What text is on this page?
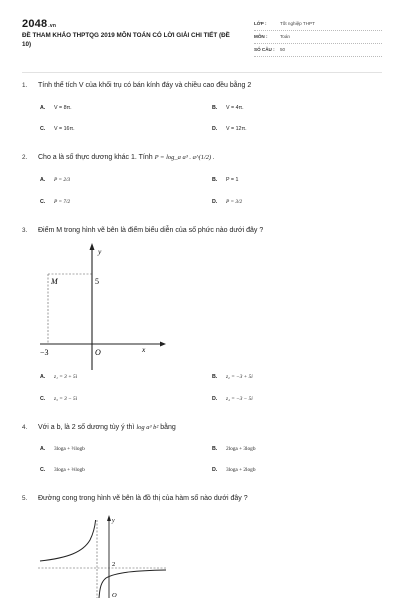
2048.vn
ĐỀ THAM KHẢO THPTQG 2019 MÔN TOÁN CÓ LỜI GIẢI CHI TIẾT (ĐỀ 10)
LỚP :	Tốt nghiệp THPT
MÔN :	Toán
SỐ CÂU : 50
1. Tính thể tích V của khối trụ có bán kính đáy và chiều cao đều bằng 2
A. V = 8π.	B. V = 4π.
C. V = 16π.	D. V = 12π.
2. Cho a là số thực dương khác 1. Tính P = log_a a³ . a^(1/2) .
A. P = 2/3	B. P = 1
C. P = 7/2	D. P = 3/2
3. Điểm M trong hình vẽ bên là điểm biểu diễn của số phức nào dưới đây ?
y
x
M	5
−3	O
A. z₁ = 3 + 5i	B. z₂ = −3 + 5i
C. z₃ = 3 − 5i	D. z₄ = −3 − 5i
4. Với a b, là 2 số dương tùy ý thì log a³ b² bằng
A. 3loga + ½logb	B. 2loga + 3logb
C. 3loga + ⅓logb	D. 3loga + 2logb
5. Đường cong trong hình vẽ bên là đồ thị của hàm số nào dưới đây ?
y
2
O
